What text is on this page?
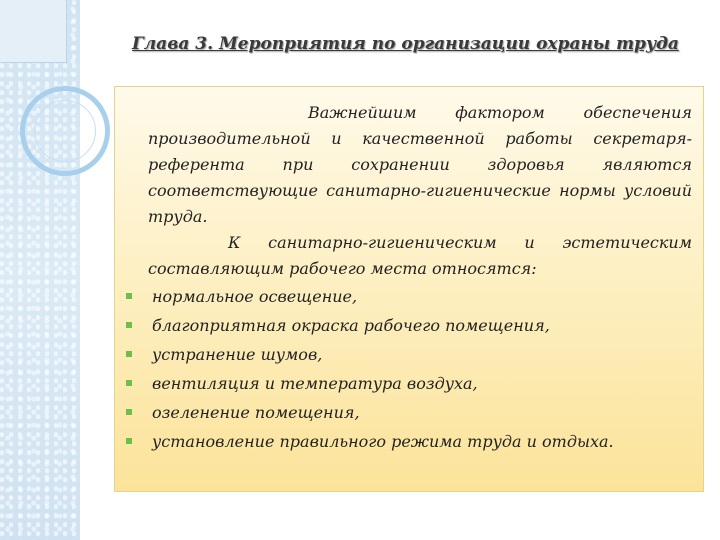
Глава 3. Мероприятия по организации охраны труда
Важнейшим фактором обеспечения производительной и качественной работы секретаря-референта при сохранении здоровья являются соответствующие санитарно-гигиенические нормы условий труда.
К санитарно-гигиеническим и эстетическим составляющим рабочего места относятся:
нормальное освещение,
благоприятная окраска рабочего помещения,
устранение шумов,
вентиляция и температура воздуха,
озеленение помещения,
установление правильного режима труда и отдыха.
